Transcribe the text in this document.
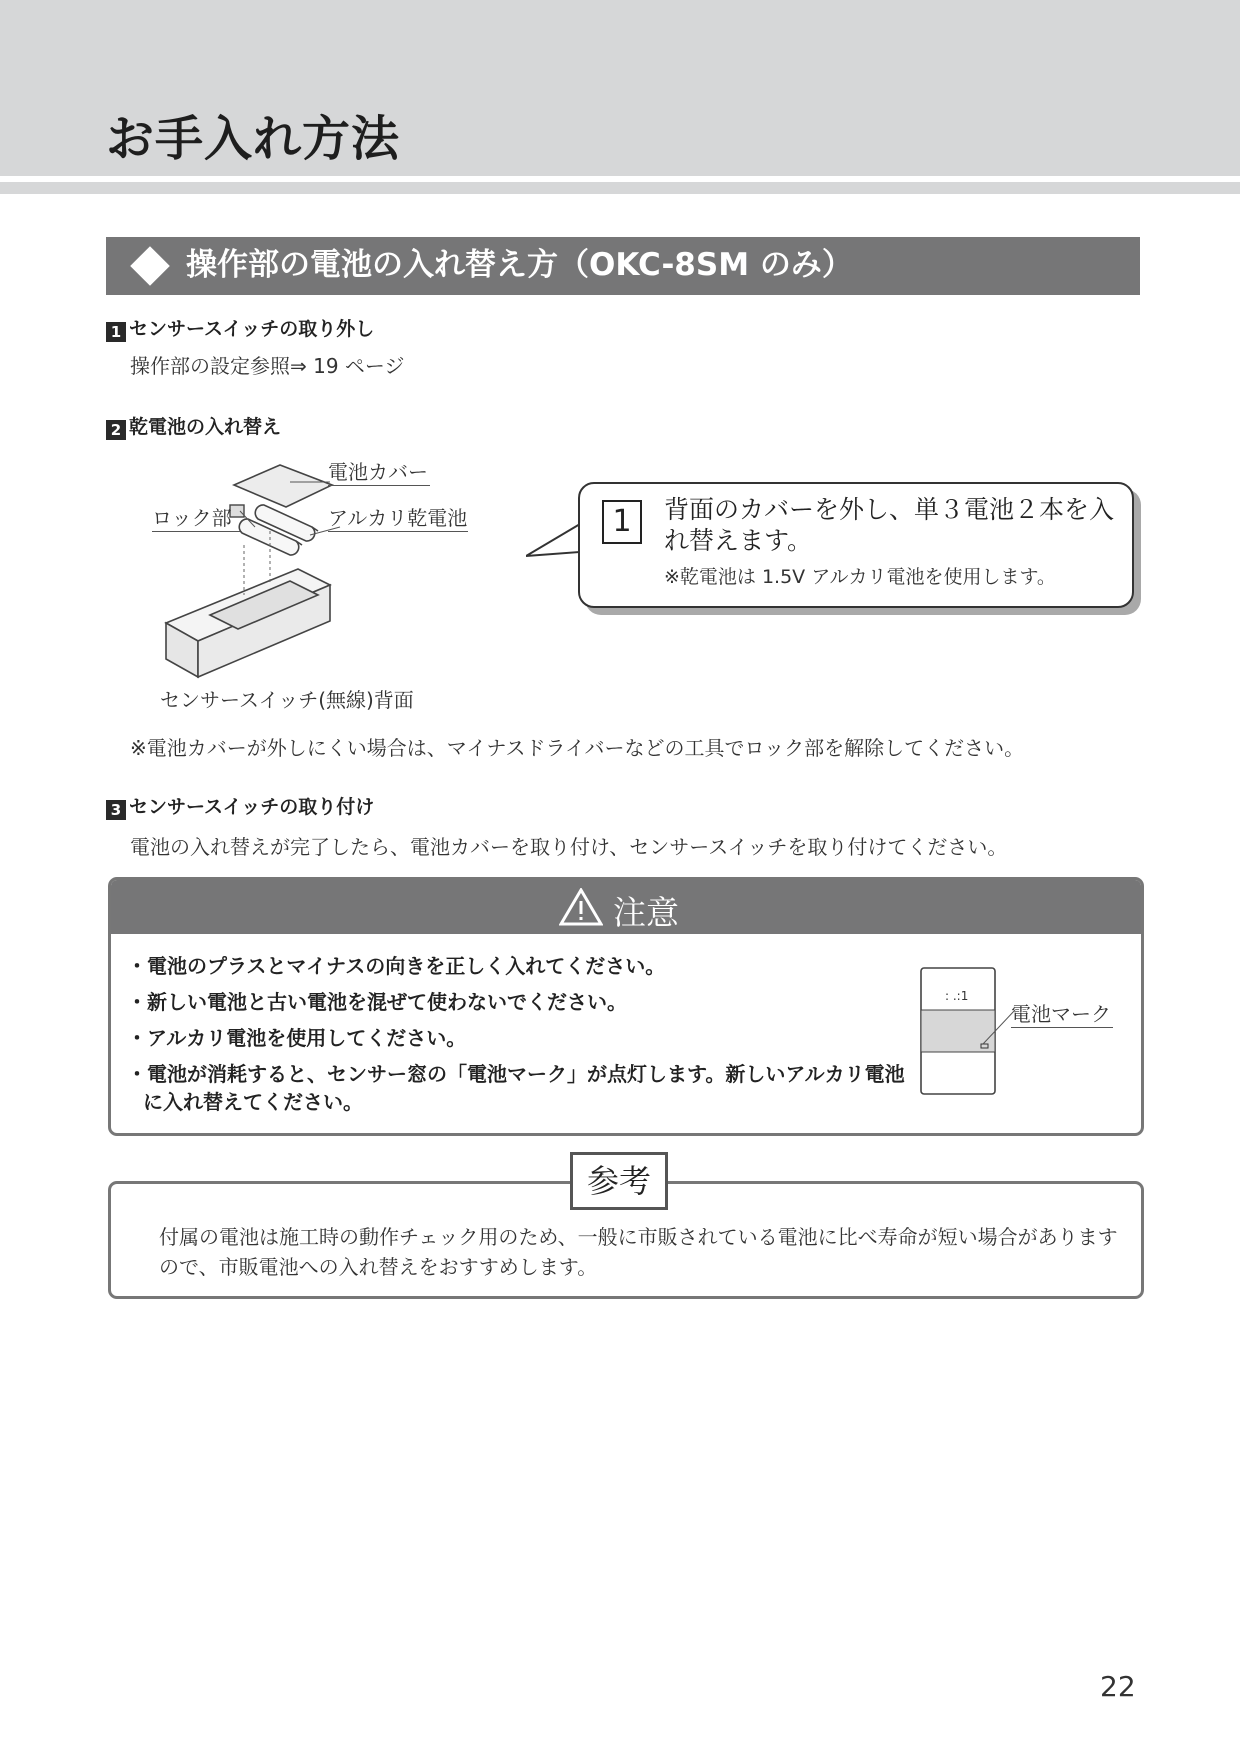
お手入れ方法
操作部の電池の入れ替え方（OKC-8SM のみ）
1 センサースイッチの取り外し
操作部の設定参照⇒ 19 ページ
2 乾電池の入れ替え
電池カバー
ロック部	アルカリ乾電池
センサースイッチ(無線)背面
1	背面のカバーを外し、単３電池２本を入れ替えます。
※乾電池は 1.5V アルカリ電池を使用します。
※電池カバーが外しにくい場合は、マイナスドライバーなどの工具でロック部を解除してください。
3 センサースイッチの取り付け
電池の入れ替えが完了したら、電池カバーを取り付け、センサースイッチを取り付けてください。
注意
・電池のプラスとマイナスの向きを正しく入れてください。
・新しい電池と古い電池を混ぜて使わないでください。
・アルカリ電池を使用してください。
・電池が消耗すると、センサー窓の「電池マーク」が点灯します。新しいアルカリ電池に入れ替えてください。
: .:1
電池マーク
付属の電池は施工時の動作チェック用のため、一般に市販されている電池に比べ寿命が短い場合がありますので、市販電池への入れ替えをおすすめします。
参考
22
